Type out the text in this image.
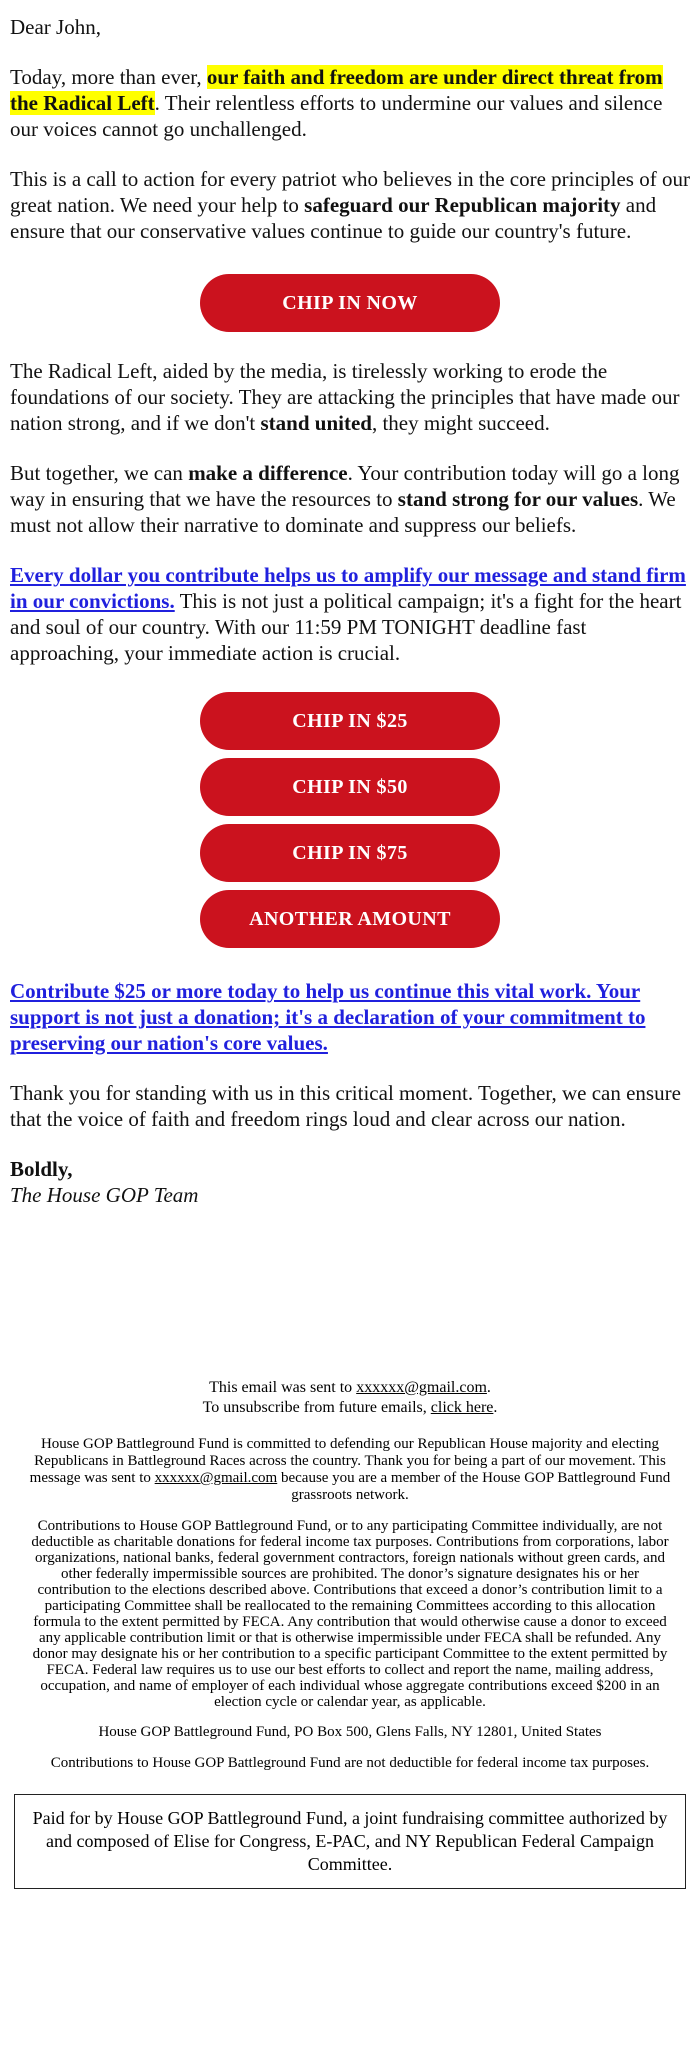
Dear John,

Today, more than ever, our faith and freedom are under direct threat from the Radical Left. Their relentless efforts to undermine our values and silence our voices cannot go unchallenged.

This is a call to action for every patriot who believes in the core principles of our great nation. We need your help to safeguard our Republican majority and ensure that our conservative values continue to guide our country's future.

CHIP IN NOW

The Radical Left, aided by the media, is tirelessly working to erode the foundations of our society. They are attacking the principles that have made our nation strong, and if we don't stand united, they might succeed.

But together, we can make a difference. Your contribution today will go a long way in ensuring that we have the resources to stand strong for our values. We must not allow their narrative to dominate and suppress our beliefs.

Every dollar you contribute helps us to amplify our message and stand firm in our convictions. This is not just a political campaign; it's a fight for the heart and soul of our country. With our 11:59 PM TONIGHT deadline fast approaching, your immediate action is crucial.

CHIP IN $25
CHIP IN $50
CHIP IN $75
ANOTHER AMOUNT

Contribute $25 or more today to help us continue this vital work. Your support is not just a donation; it's a declaration of your commitment to preserving our nation's core values.

Thank you for standing with us in this critical moment. Together, we can ensure that the voice of faith and freedom rings loud and clear across our nation.

Boldly,
The House GOP Team

This email was sent to xxxxxx@gmail.com.
To unsubscribe from future emails, click here.

House GOP Battleground Fund is committed to defending our Republican House majority and electing Republicans in Battleground Races across the country. Thank you for being a part of our movement. This message was sent to xxxxxx@gmail.com because you are a member of the House GOP Battleground Fund grassroots network.

Contributions to House GOP Battleground Fund, or to any participating Committee individually, are not deductible as charitable donations for federal income tax purposes. Contributions from corporations, labor organizations, national banks, federal government contractors, foreign nationals without green cards, and other federally impermissible sources are prohibited. The donor’s signature designates his or her contribution to the elections described above. Contributions that exceed a donor’s contribution limit to a participating Committee shall be reallocated to the remaining Committees according to this allocation formula to the extent permitted by FECA. Any contribution that would otherwise cause a donor to exceed any applicable contribution limit or that is otherwise impermissible under FECA shall be refunded. Any donor may designate his or her contribution to a specific participant Committee to the extent permitted by FECA. Federal law requires us to use our best efforts to collect and report the name, mailing address, occupation, and name of employer of each individual whose aggregate contributions exceed $200 in an election cycle or calendar year, as applicable.

House GOP Battleground Fund, PO Box 500, Glens Falls, NY 12801, United States

Contributions to House GOP Battleground Fund are not deductible for federal income tax purposes.

Paid for by House GOP Battleground Fund, a joint fundraising committee authorized by and composed of Elise for Congress, E-PAC, and NY Republican Federal Campaign Committee.
